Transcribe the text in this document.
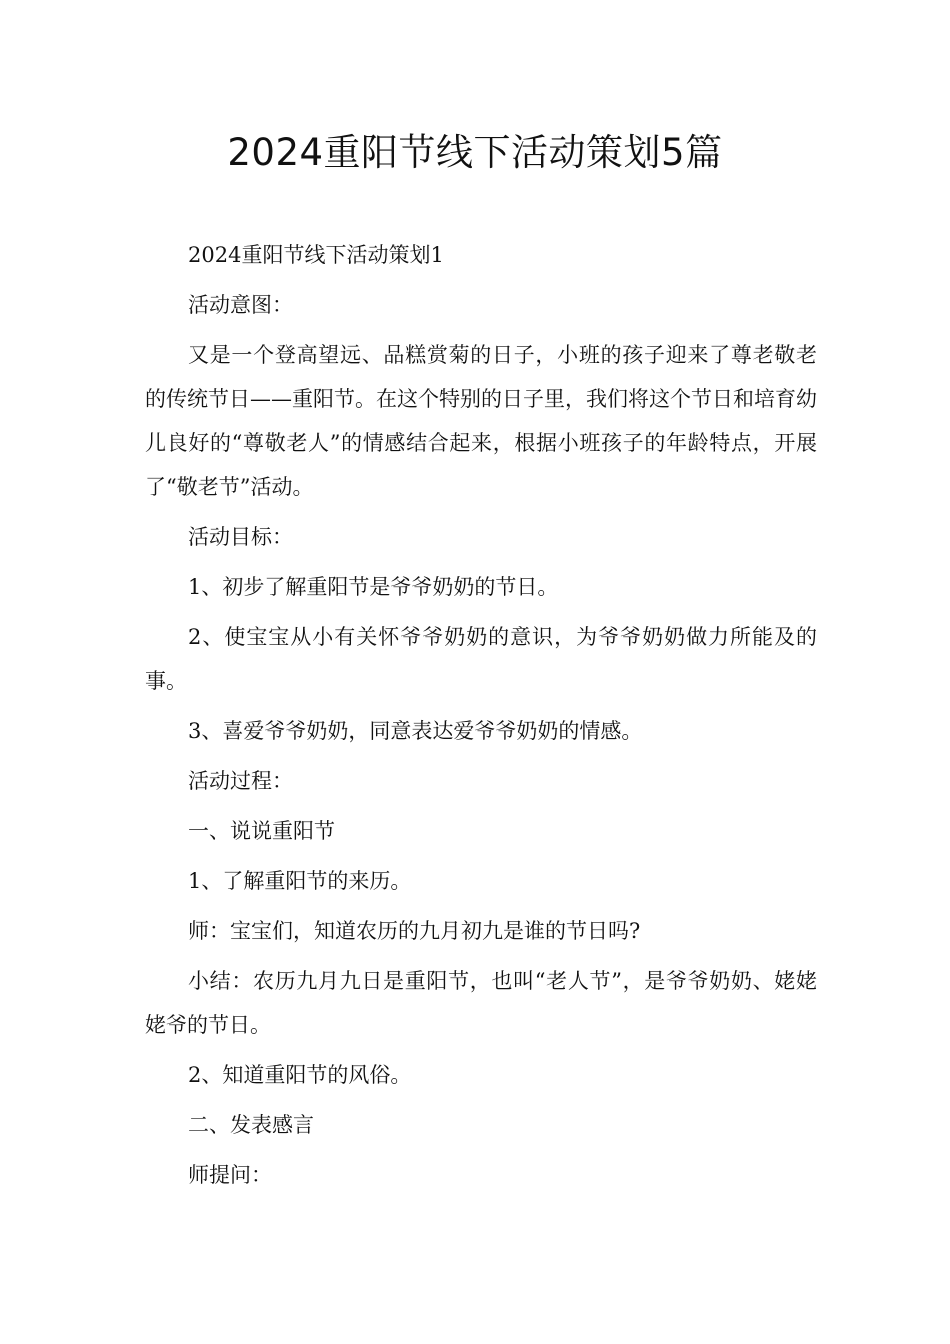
2024重阳节线下活动策划5篇

2024重阳节线下活动策划1

活动意图：

又是一个登高望远、品糕赏菊的日子，小班的孩子迎来了尊老敬老的传统节日——重阳节。在这个特别的日子里，我们将这个节日和培育幼儿良好的“尊敬老人”的情感结合起来，根据小班孩子的年龄特点，开展了“敬老节”活动。

活动目标：

1、初步了解重阳节是爷爷奶奶的节日。

2、使宝宝从小有关怀爷爷奶奶的意识，为爷爷奶奶做力所能及的事。

3、喜爱爷爷奶奶，同意表达爱爷爷奶奶的情感。

活动过程：

一、说说重阳节

1、了解重阳节的来历。

师：宝宝们，知道农历的九月初九是谁的节日吗?

小结：农历九月九日是重阳节，也叫“老人节”，是爷爷奶奶、姥姥姥爷的节日。

2、知道重阳节的风俗。

二、发表感言

师提问：
